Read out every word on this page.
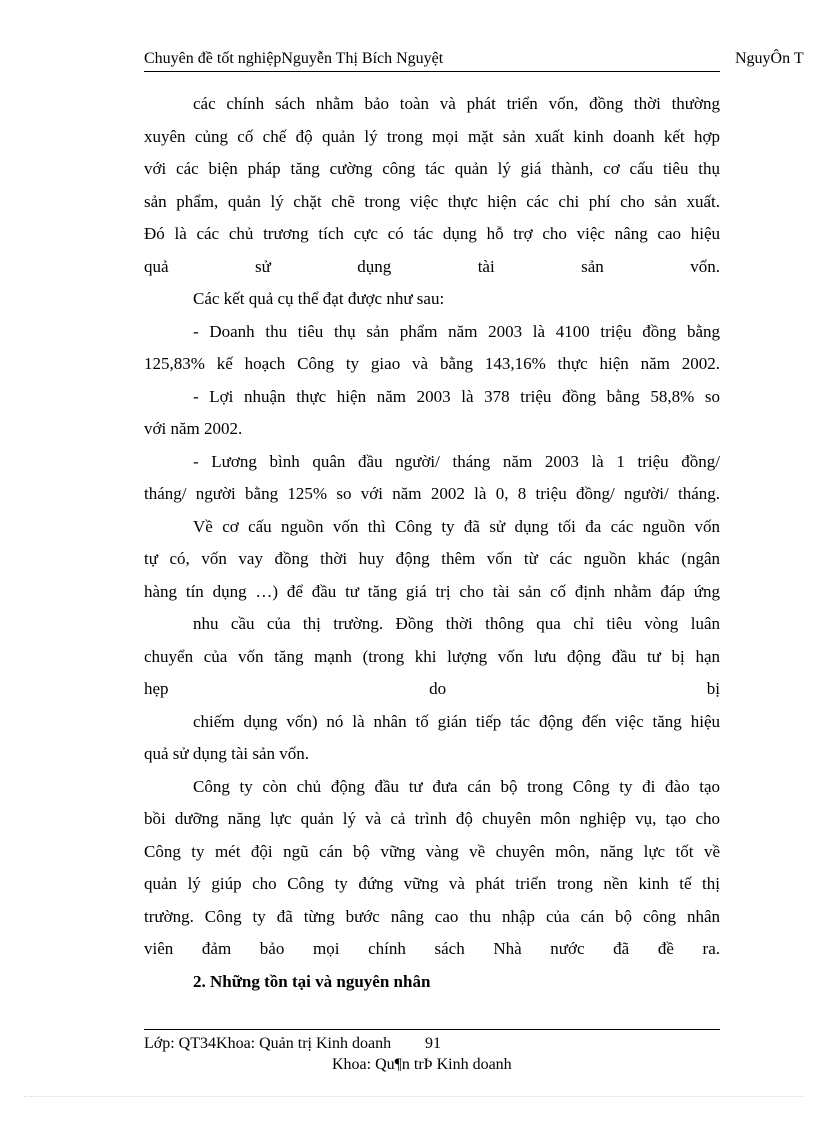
Chuyên đề tốt nghiệpNguyễn Thị Bích Nguyệt	NguyÔn T
các chính sách nhằm bảo toàn và phát triển vốn, đồng thời thường
xuyên củng cố chế độ quản lý trong mọi mặt sản xuất kinh doanh kết hợp
với các biện pháp tăng cường công tác quản lý giá thành, cơ cấu tiêu thụ
sản phẩm, quản lý chặt chẽ trong việc thực hiện các chi phí cho sản xuất.
Đó là các chủ trương tích cực có tác dụng hỗ trợ cho việc nâng cao hiệu
quả sử dụng tài sản vốn.
Các kết quả cụ thể đạt được như sau:
- Doanh thu tiêu thụ sản phẩm năm 2003 là 4100 triệu đồng bằng
125,83% kế hoạch Công ty giao và bằng 143,16% thực hiện năm 2002.
- Lợi nhuận thực hiện năm 2003 là 378 triệu đồng bằng 58,8% so
với năm 2002.
- Lương bình quân đầu người/ tháng năm 2003 là 1 triệu đồng/
tháng/ người bằng 125% so với năm 2002 là 0, 8 triệu đồng/ người/ tháng.
Về cơ cấu nguồn vốn thì Công ty đã sử dụng tối đa các nguồn vốn
tự có, vốn vay đồng thời huy động thêm vốn từ các nguồn khác (ngân
hàng tín dụng …) để đầu tư tăng giá trị cho tài sản cố định nhằm đáp ứng
nhu cầu của thị trường. Đồng thời thông qua chỉ tiêu vòng luân
chuyển của vốn tăng mạnh (trong khi lượng vốn lưu động đầu tư bị hạn
hẹp do bị
chiếm dụng vốn) nó là nhân tố gián tiếp tác động đến việc tăng hiệu
quả sử dụng tài sản vốn.
Công ty còn chủ động đầu tư đưa cán bộ trong Công ty đi đào tạo
bồi dưỡng năng lực quản lý và cả trình độ chuyên môn nghiệp vụ, tạo cho
Công ty mét đội ngũ cán bộ vững vàng về chuyên môn, năng lực tốt về
quản lý giúp cho Công ty đứng vững và phát triển trong nền kinh tế thị
trường. Công ty đã từng bước nâng cao thu nhập của cán bộ công nhân
viên đảm bảo mọi chính sách Nhà nước đã đề ra.
2. Những tồn tại và nguyên nhân
Lớp: QT34Khoa: Quản trị Kinh doanh 91
Khoa: Qu¶n trÞ Kinh doanh
